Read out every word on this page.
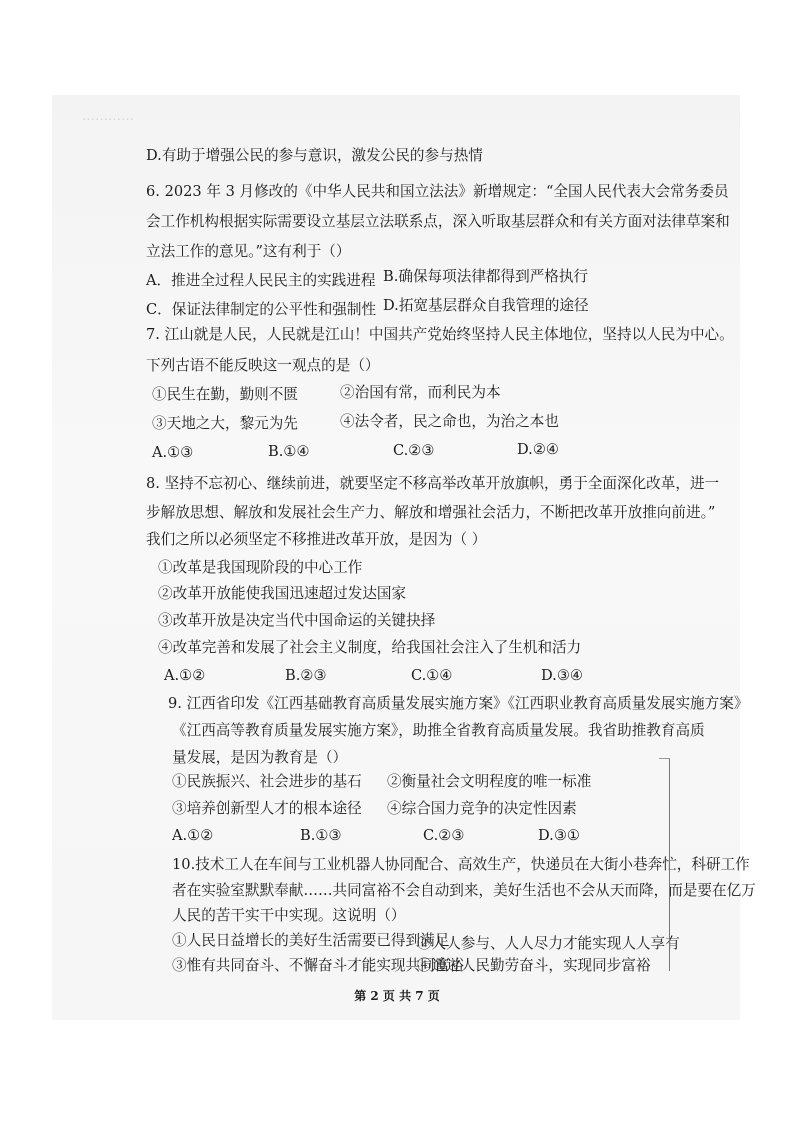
…………
D.有助于增强公民的参与意识，激发公民的参与热情
6. 2023 年 3 月修改的《中华人民共和国立法法》新增规定：“全国人民代表大会常务委员
会工作机构根据实际需要设立基层立法联系点，深入听取基层群众和有关方面对法律草案和
立法工作的意见。”这有利于（）
A．推进全过程人民民主的实践进程 B.确保每项法律都得到严格执行
C．保证法律制定的公平性和强制性 D.拓宽基层群众自我管理的途径
7. 江山就是人民，人民就是江山！中国共产党始终坚持人民主体地位，坚持以人民为中心。
下列古语不能反映这一观点的是（）
①民生在勤，勤则不匮	②治国有常，而利民为本
③天地之大，黎元为先	④法令者，民之命也，为治之本也
A.①③	B.①④	C.②③	D.②④
8. 坚持不忘初心、继续前进，就要坚定不移高举改革开放旗帜，勇于全面深化改革，进一
步解放思想、解放和发展社会生产力、解放和增强社会活力，不断把改革开放推向前进。”
我们之所以必须坚定不移推进改革开放，是因为（ ）
①改革是我国现阶段的中心工作
②改革开放能使我国迅速超过发达国家
③改革开放是决定当代中国命运的关键抉择
④改革完善和发展了社会主义制度，给我国社会注入了生机和活力
A.①②	B.②③	C.①④	D.③④
9. 江西省印发《江西基础教育高质量发展实施方案》《江西职业教育高质量发展实施方案》
《江西高等教育质量发展实施方案》，助推全省教育高质量发展。我省助推教育高质
量发展，是因为教育是（）
①民族振兴、社会进步的基石 ②衡量社会文明程度的唯一标准
③培养创新型人才的根本途径 ④综合国力竞争的决定性因素
A.①②	B.①③	C.②③	D.③①
10.技术工人在车间与工业机器人协同配合、高效生产，快递员在大街小巷奔忙，科研工作
者在实验室默默奉献……共同富裕不会自动到来，美好生活也不会从天而降，而是要在亿万
人民的苦干实干中实现。这说明（）
①人民日益增长的美好生活需要已得到满足
②人人参与、人人尽力才能实现人人享有
③惟有共同奋斗、不懈奋斗才能实现共同富裕
④通过人民勤劳奋斗，实现同步富裕
第 2 页 共 7 页
